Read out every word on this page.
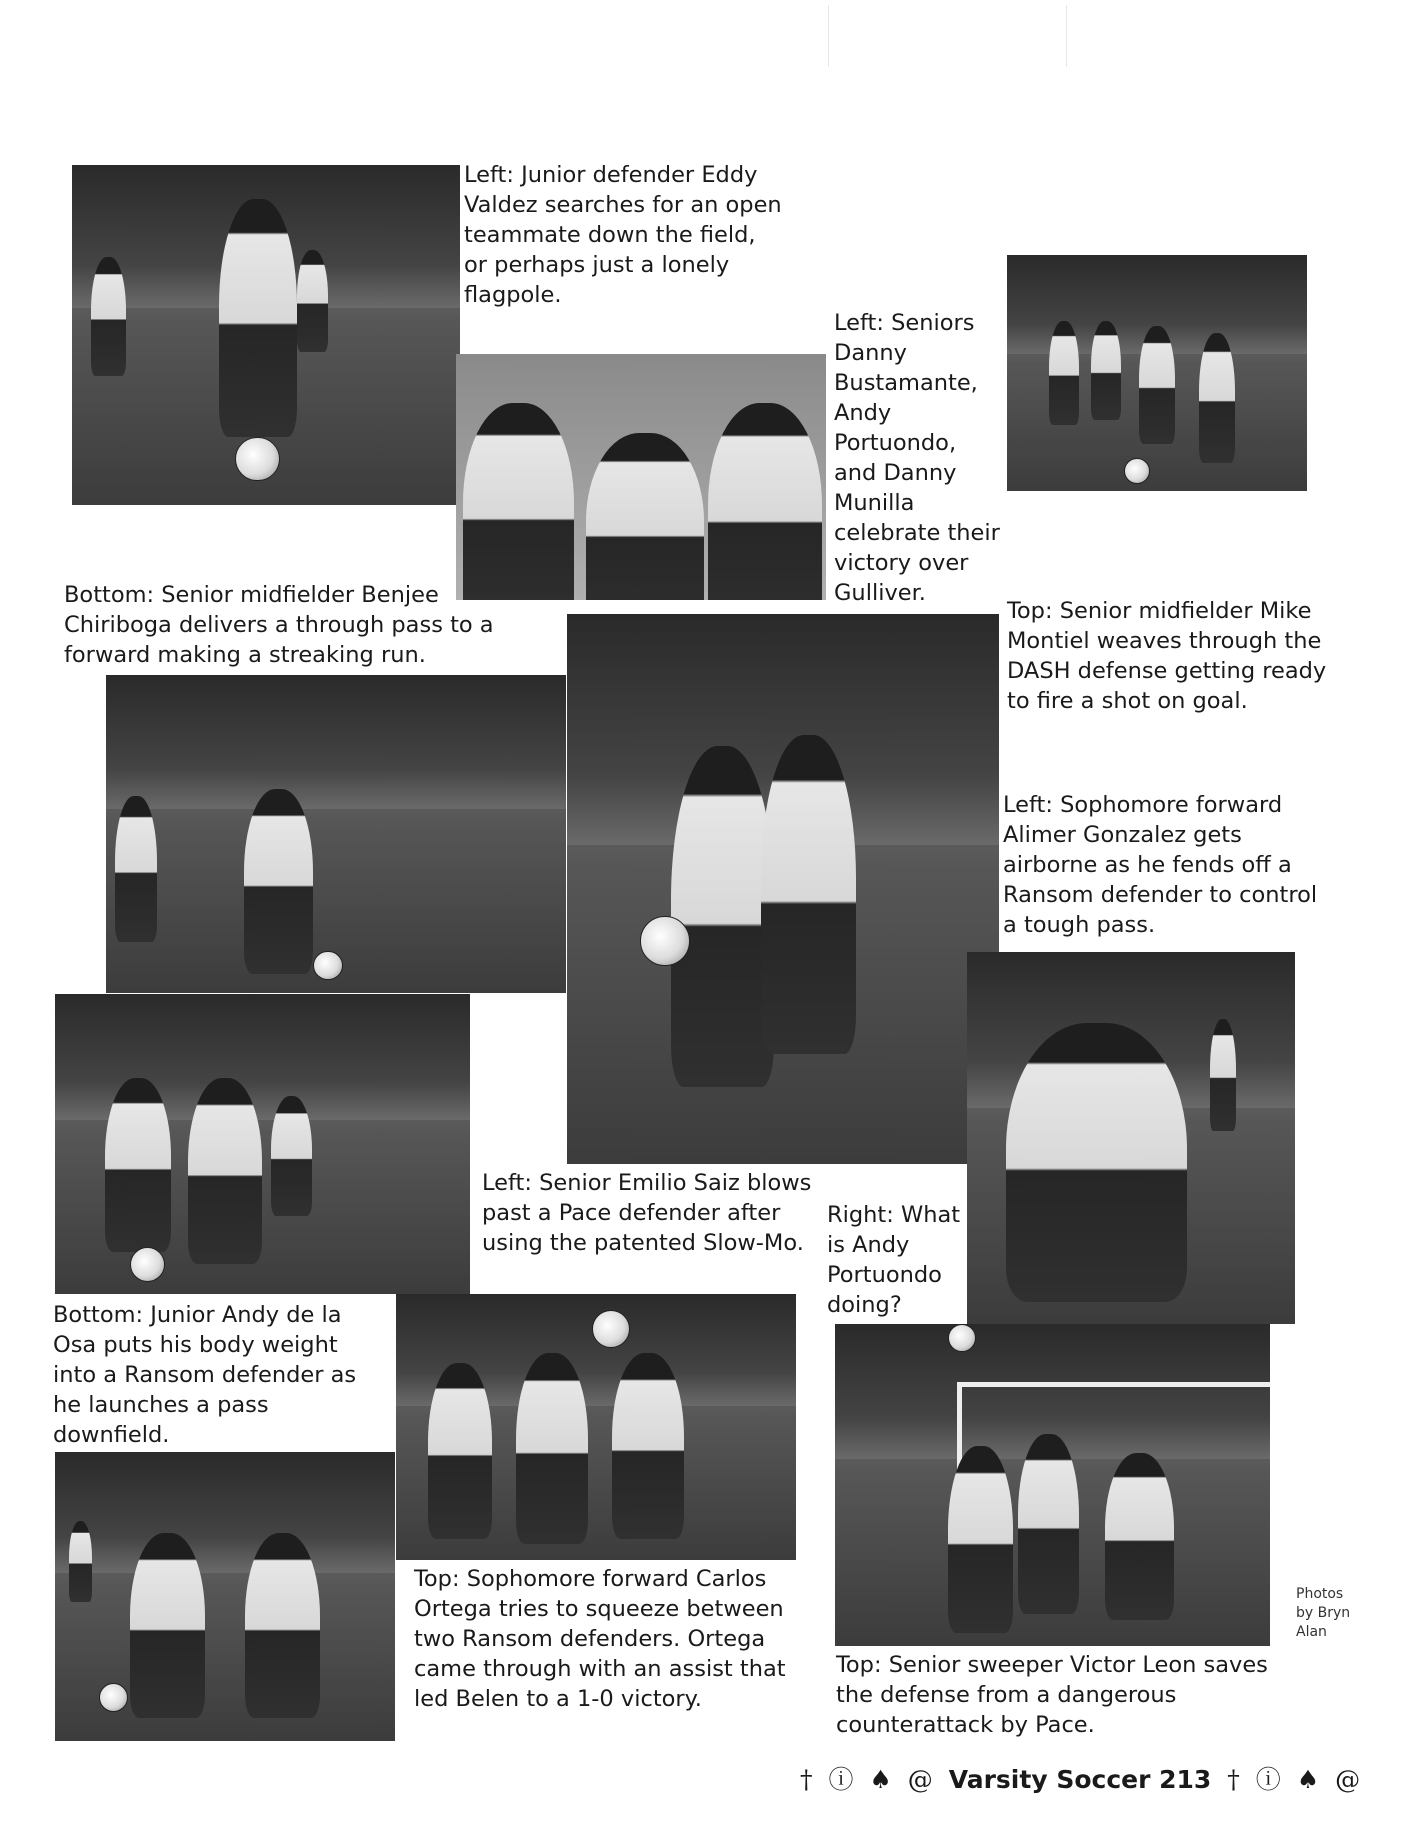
Left: Junior defender Eddy Valdez searches for an open teammate down the field, or perhaps just a lonely flagpole.

Left: Seniors Danny Bustamante, Andy Portuondo, and Danny Munilla celebrate their victory over Gulliver.

Bottom: Senior midfielder Benjee Chiriboga delivers a through pass to a forward making a streaking run.

Top: Senior midfielder Mike Montiel weaves through the DASH defense getting ready to fire a shot on goal.

Left: Sophomore forward Alimer Gonzalez gets airborne as he fends off a Ransom defender to control a tough pass.

Left: Senior Emilio Saiz blows past a Pace defender after using the patented Slow-Mo.

Right: What is Andy Portuondo doing?

Bottom: Junior Andy de la Osa puts his body weight into a Ransom defender as he launches a pass downfield.

Top: Sophomore forward Carlos Ortega tries to squeeze between two Ransom defenders. Ortega came through with an assist that led Belen to a 1-0 victory.

Top: Senior sweeper Victor Leon saves the defense from a dangerous counterattack by Pace.

Photos
by Bryn
Alan
† ⓘ ♠ @ Varsity Soccer 213 † ⓘ ♠ @
